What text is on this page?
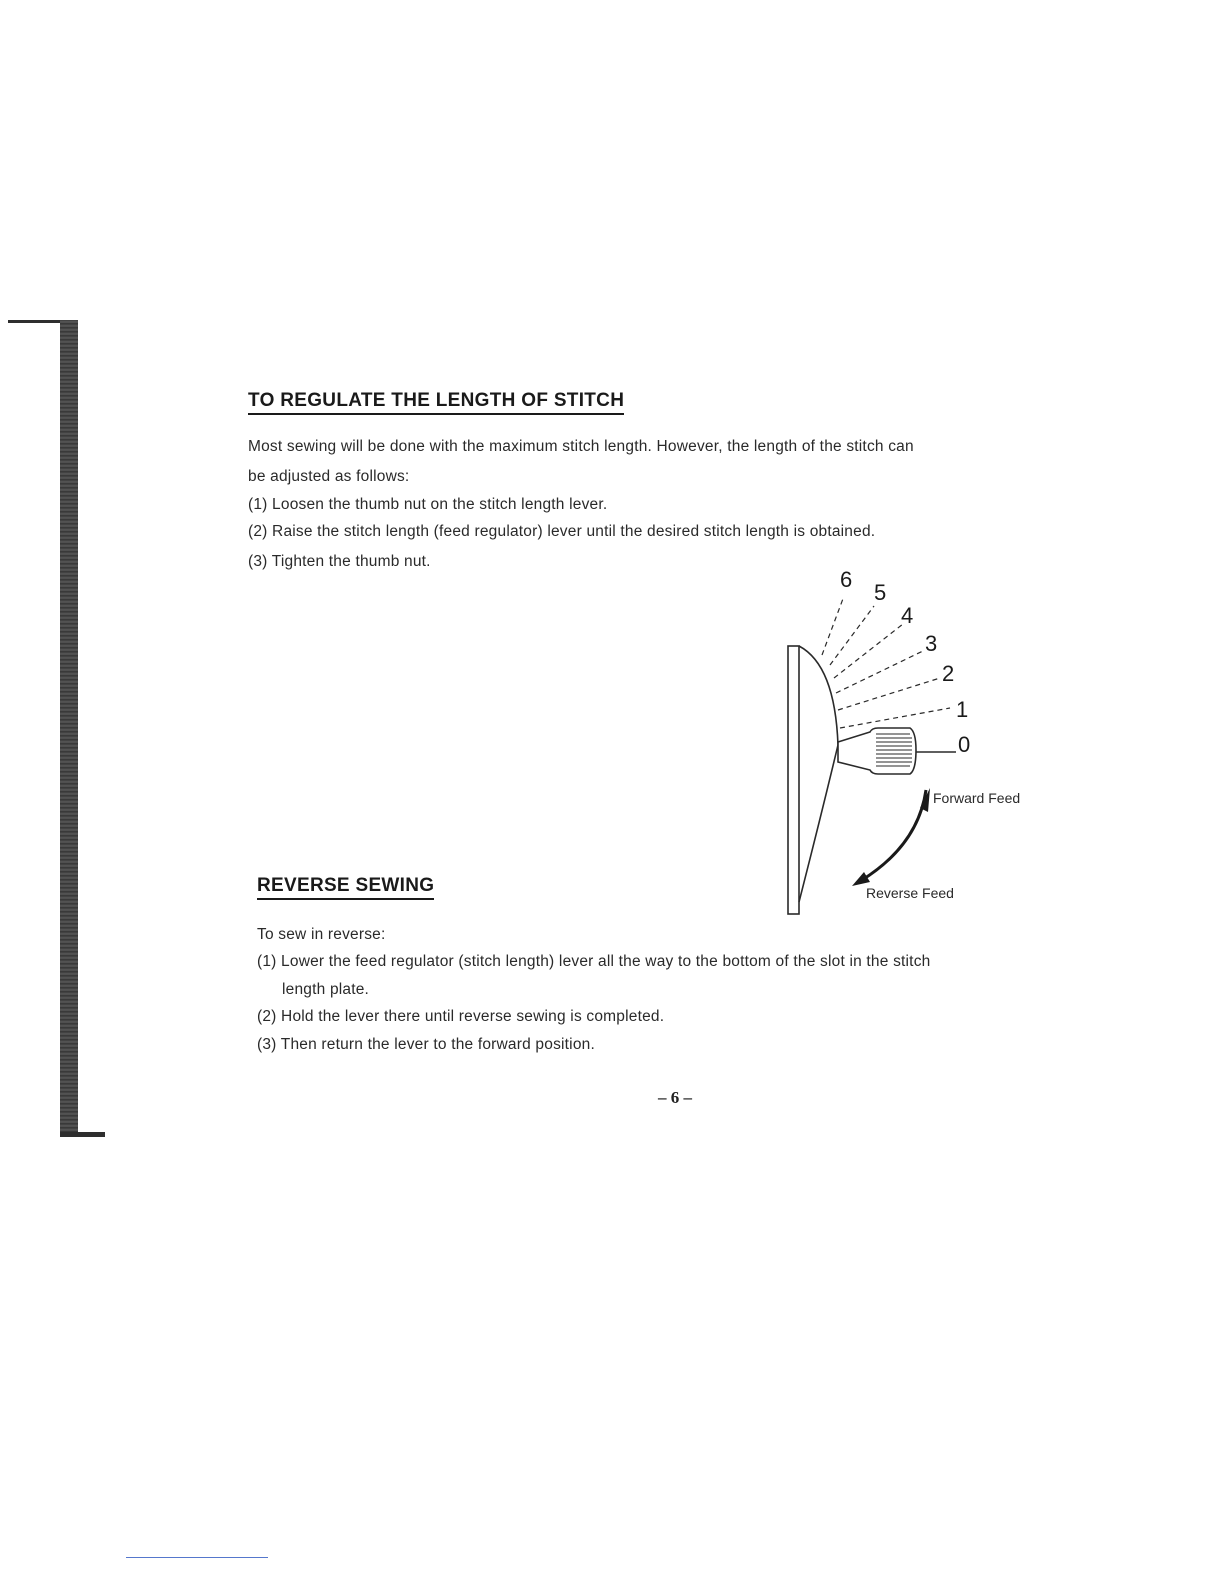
TO REGULATE THE LENGTH OF STITCH
Most sewing will be done with the maximum stitch length. However, the length of the stitch can
be adjusted as follows:
(1) Loosen the thumb nut on the stitch length lever.
(2) Raise the stitch length (feed regulator) lever until the desired stitch length is obtained.
(3) Tighten the thumb nut.
6
5
4
3
2
1
0
Forward Feed
Reverse Feed
REVERSE SEWING
To sew in reverse:
(1) Lower the feed regulator (stitch length) lever all the way to the bottom of the slot in the stitch
length plate.
(2) Hold the lever there until reverse sewing is completed.
(3) Then return the lever to the forward position.
– 6 –
